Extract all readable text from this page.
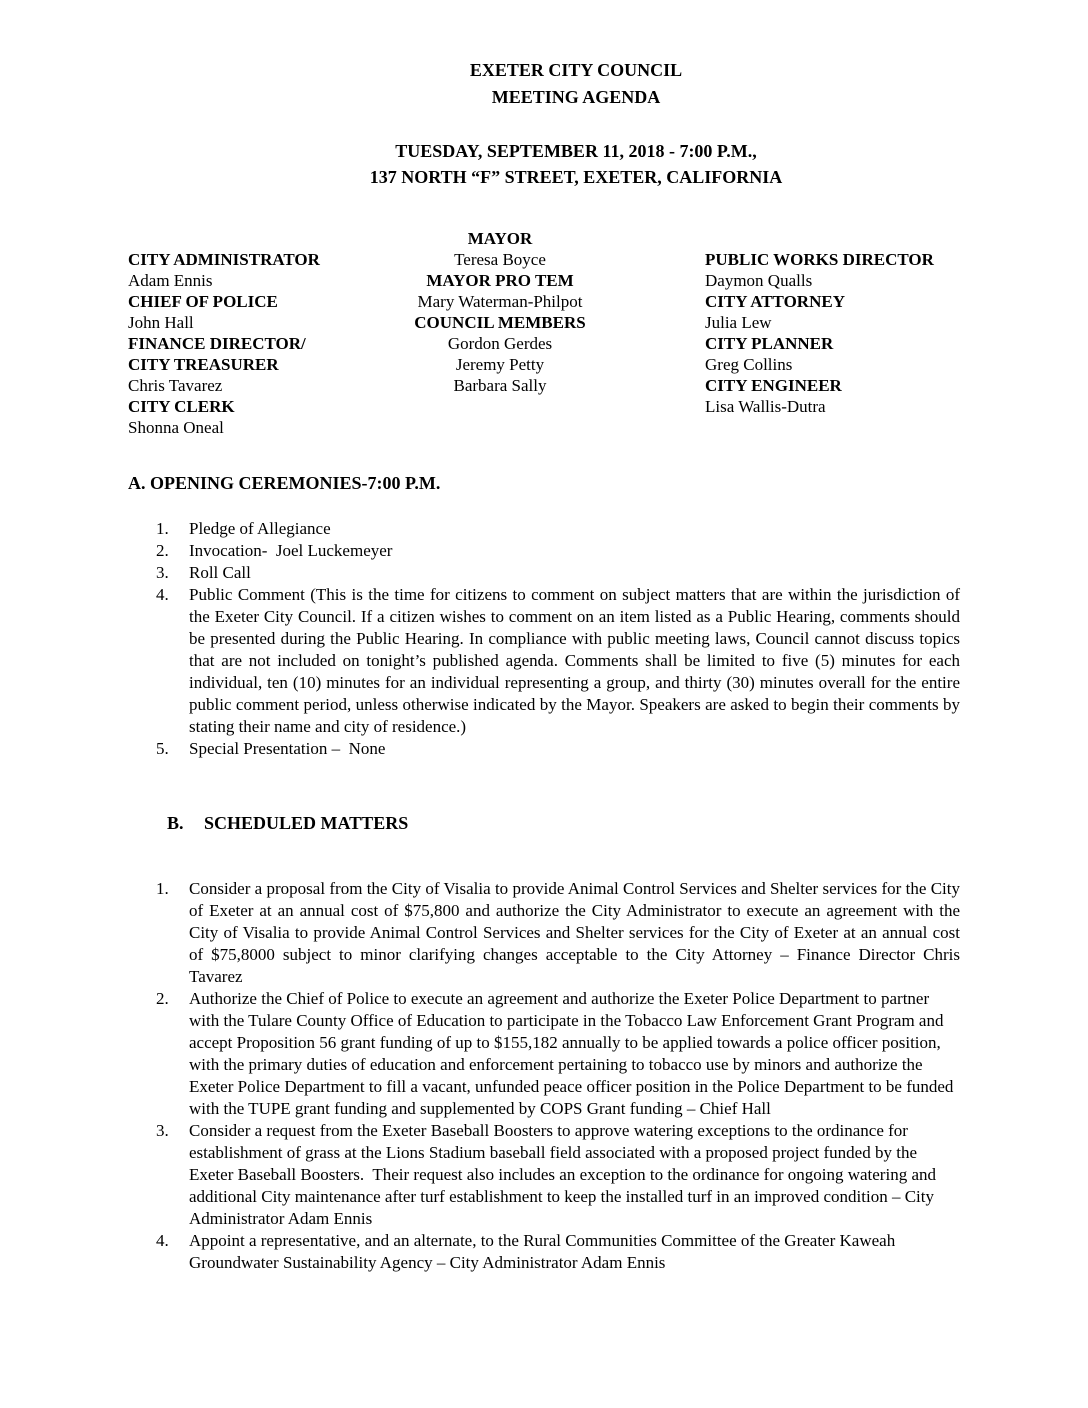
EXETER CITY COUNCIL
MEETING AGENDA
TUESDAY, SEPTEMBER 11, 2018 - 7:00 P.M.,
137 NORTH “F” STREET, EXETER, CALIFORNIA
CITY ADMINISTRATOR
Adam Ennis
CHIEF OF POLICE
John Hall
FINANCE DIRECTOR/
CITY TREASURER
Chris Tavarez
CITY CLERK
Shonna Oneal
MAYOR
Teresa Boyce
MAYOR PRO TEM
Mary Waterman-Philpot
COUNCIL MEMBERS
Gordon Gerdes
Jeremy Petty
Barbara Sally
PUBLIC WORKS DIRECTOR
Daymon Qualls
CITY ATTORNEY
Julia Lew
CITY PLANNER
Greg Collins
CITY ENGINEER
Lisa Wallis-Dutra
A. OPENING CEREMONIES-7:00 P.M.
1.	Pledge of Allegiance
2.	Invocation-  Joel Luckemeyer
3.	Roll Call
4.	Public Comment (This is the time for citizens to comment on subject matters that are within the jurisdiction of the Exeter City Council. If a citizen wishes to comment on an item listed as a Public Hearing, comments should be presented during the Public Hearing. In compliance with public meeting laws, Council cannot discuss topics that are not included on tonight’s published agenda. Comments shall be limited to five (5) minutes for each individual, ten (10) minutes for an individual representing a group, and thirty (30) minutes overall for the entire public comment period, unless otherwise indicated by the Mayor. Speakers are asked to begin their comments by stating their name and city of residence.)
5.	Special Presentation –  None

B. SCHEDULED MATTERS

1.	Consider a proposal from the City of Visalia to provide Animal Control Services and Shelter services for the City of Exeter at an annual cost of $75,800 and authorize the City Administrator to execute an agreement with the City of Visalia to provide Animal Control Services and Shelter services for the City of Exeter at an annual cost of $75,8000 subject to minor clarifying changes acceptable to the City Attorney – Finance Director Chris Tavarez
2.	Authorize the Chief of Police to execute an agreement and authorize the Exeter Police Department to partner with the Tulare County Office of Education to participate in the Tobacco Law Enforcement Grant Program and accept Proposition 56 grant funding of up to $155,182 annually to be applied towards a police officer position, with the primary duties of education and enforcement pertaining to tobacco use by minors and authorize the Exeter Police Department to fill a vacant, unfunded peace officer position in the Police Department to be funded with the TUPE grant funding and supplemented by COPS Grant funding – Chief Hall
3.	Consider a request from the Exeter Baseball Boosters to approve watering exceptions to the ordinance for establishment of grass at the Lions Stadium baseball field associated with a proposed project funded by the Exeter Baseball Boosters.  Their request also includes an exception to the ordinance for ongoing watering and additional City maintenance after turf establishment to keep the installed turf in an improved condition – City Administrator Adam Ennis
4.	Appoint a representative, and an alternate, to the Rural Communities Committee of the Greater Kaweah Groundwater Sustainability Agency – City Administrator Adam Ennis
